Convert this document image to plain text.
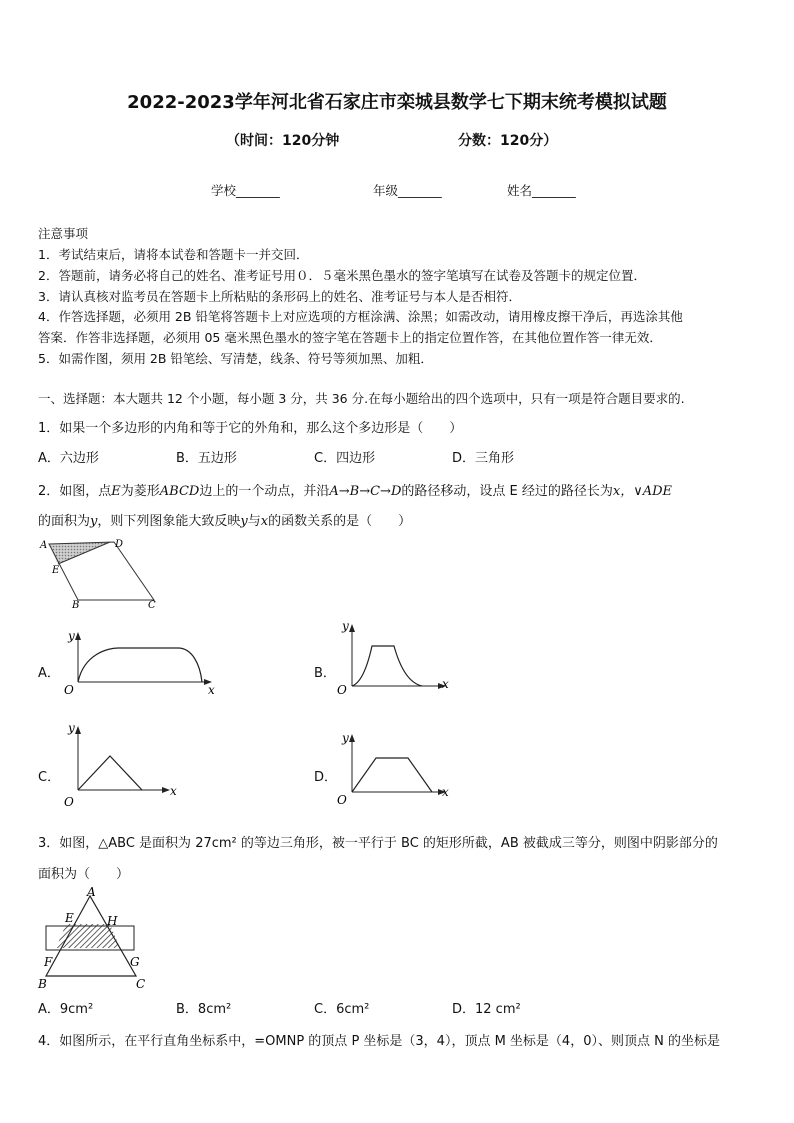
2022-2023学年河北省石家庄市栾城县数学七下期末统考模拟试题
（时间：120分钟	分数：120分）
学校_______	年级_______	姓名_______
注意事项
1．考试结束后，请将本试卷和答题卡一并交回．
2．答题前，请务必将自己的姓名、准考证号用０．５毫米黑色墨水的签字笔填写在试卷及答题卡的规定位置．
3．请认真核对监考员在答题卡上所粘贴的条形码上的姓名、准考证号与本人是否相符．
4．作答选择题，必须用 2B 铅笔将答题卡上对应选项的方框涂满、涂黑；如需改动，请用橡皮擦干净后，再选涂其他
答案．作答非选择题，必须用 05 毫米黑色墨水的签字笔在答题卡上的指定位置作答，在其他位置作答一律无效．
5．如需作图，须用 2B 铅笔绘、写清楚，线条、符号等须加黑、加粗．
一、选择题：本大题共 12 个小题，每小题 3 分，共 36 分.在每小题给出的四个选项中，只有一项是符合题目要求的.
1．如果一个多边形的内角和等于它的外角和，那么这个多边形是（　　）
A．六边形	B．五边形	C．四边形	D．三角形
2．如图，点E为菱形ABCD边上的一个动点，并沿A→B→C→D的路径移动，设点 E 经过的路径长为x，∨ADE
的面积为y，则下列图象能大致反映y与x的函数关系的是（　　）
A	D
E
B	C
A．	B．
C．	D．
y
x
O
y
x
O
y
x
O
y
x
O
3．如图，△ABC 是面积为 27cm² 的等边三角形，被一平行于 BC 的矩形所截，AB 被截成三等分，则图中阴影部分的
面积为（　　）
A
E	H
F	G
B	C
A．9cm²	B．8cm²	C．6cm²	D．12 cm²
4．如图所示，在平行直角坐标系中，=OMNP 的顶点 P 坐标是（3，4），顶点 M 坐标是（4，0）、则顶点 N 的坐标是
